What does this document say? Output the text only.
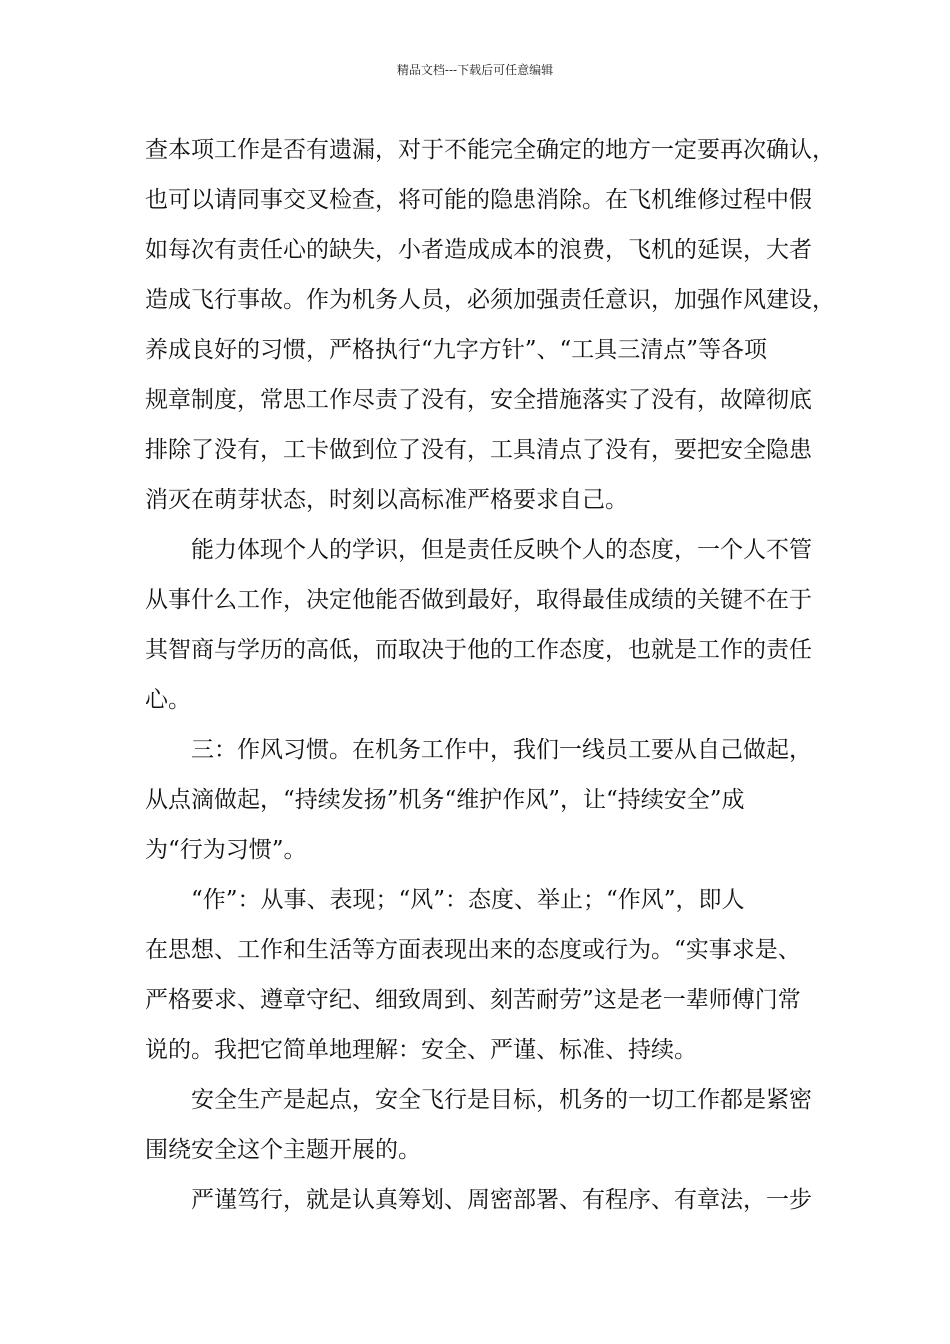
精品文档---下载后可任意编辑
查本项工作是否有遗漏，对于不能完全确定的地方一定要再次确认，
也可以请同事交叉检查，将可能的隐患消除。在飞机维修过程中假
如每次有责任心的缺失，小者造成成本的浪费，飞机的延误，大者
造成飞行事故。作为机务人员，必须加强责任意识，加强作风建设，
养成良好的习惯，严格执行“九字方针”、“工具三清点”等各项
规章制度，常思工作尽责了没有，安全措施落实了没有，故障彻底
排除了没有，工卡做到位了没有，工具清点了没有，要把安全隐患
消灭在萌芽状态，时刻以高标准严格要求自己。
　　能力体现个人的学识，但是责任反映个人的态度，一个人不管
从事什么工作，决定他能否做到最好，取得最佳成绩的关键不在于
其智商与学历的高低，而取决于他的工作态度，也就是工作的责任
心。
　　三：作风习惯。在机务工作中，我们一线员工要从自己做起，
从点滴做起，“持续发扬”机务“维护作风”，让“持续安全”成
为“行为习惯”。
　　“作”：从事、表现；“风”：态度、举止；“作风”，即人
在思想、工作和生活等方面表现出来的态度或行为。“实事求是、
严格要求、遵章守纪、细致周到、刻苦耐劳”这是老一辈师傅门常
说的。我把它简单地理解：安全、严谨、标准、持续。
　　安全生产是起点，安全飞行是目标，机务的一切工作都是紧密
围绕安全这个主题开展的。
　　严谨笃行，就是认真筹划、周密部署、有程序、有章法，一步
